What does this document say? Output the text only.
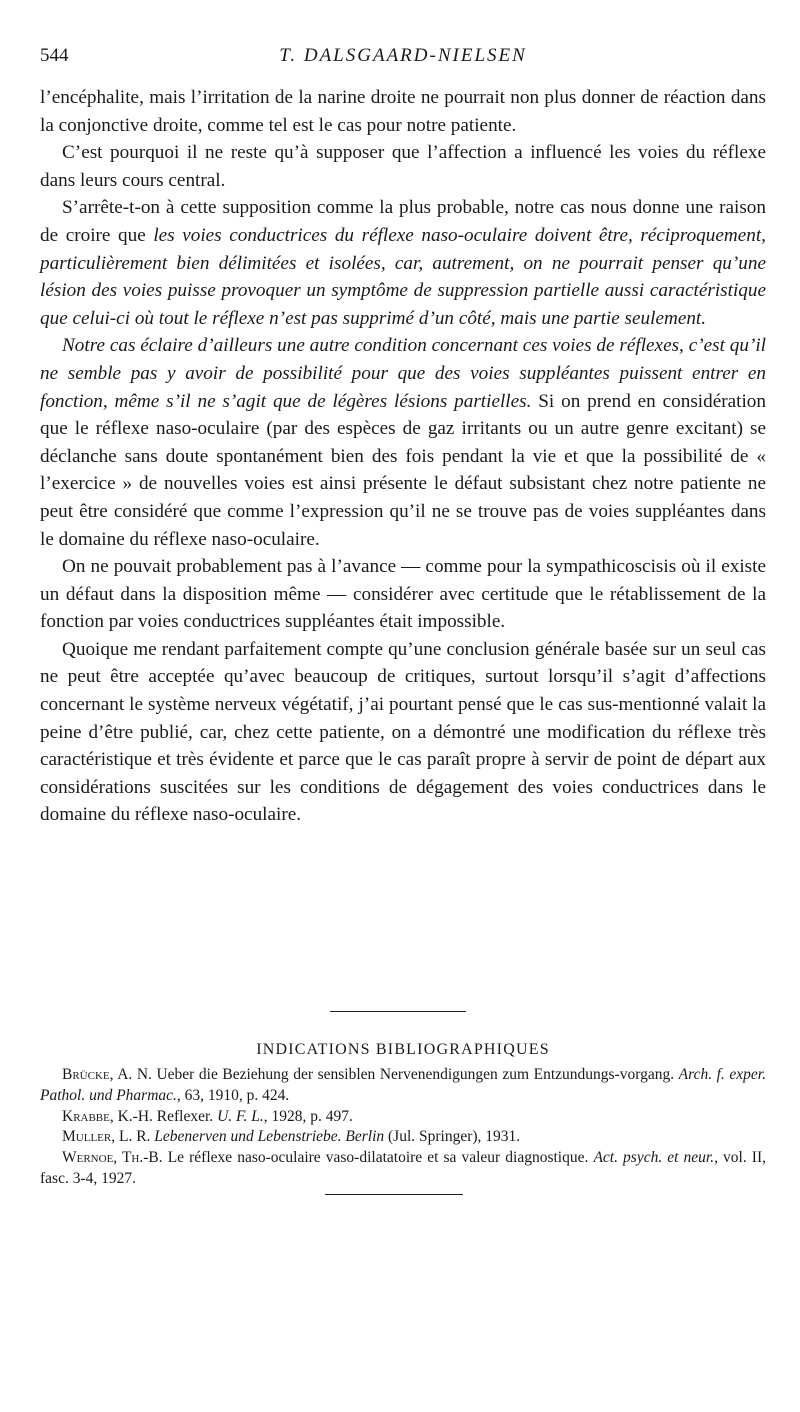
544	T. DALSGAARD-NIELSEN

l’encéphalite, mais l’irritation de la narine droite ne pourrait non plus donner de réaction dans la conjonctive droite, comme tel est le cas pour notre patiente.

C’est pourquoi il ne reste qu’à supposer que l’affection a influencé les voies du réflexe dans leurs cours central.

S’arrête-t-on à cette supposition comme la plus probable, notre cas nous donne une raison de croire que les voies conductrices du réflexe naso-oculaire doivent être, réciproquement, particulièrement bien délimitées et isolées, car, autrement, on ne pourrait penser qu’une lésion des voies puisse provoquer un symptôme de suppression partielle aussi caractéristique que celui-ci où tout le réflexe n’est pas supprimé d’un côté, mais une partie seulement.

Notre cas éclaire d’ailleurs une autre condition concernant ces voies de réflexes, c’est qu’il ne semble pas y avoir de possibilité pour que des voies suppléantes puissent entrer en fonction, même s’il ne s’agit que de légères lésions partielles. Si on prend en considération que le réflexe naso-oculaire (par des espèces de gaz irritants ou un autre genre excitant) se déclanche sans doute spontanément bien des fois pendant la vie et que la possibilité de « l’exercice » de nouvelles voies est ainsi présente le défaut subsistant chez notre patiente ne peut être considéré que comme l’expression qu’il ne se trouve pas de voies suppléantes dans le domaine du réflexe naso-oculaire.

On ne pouvait probablement pas à l’avance — comme pour la sympathicoscisis où il existe un défaut dans la disposition même — considérer avec certitude que le rétablissement de la fonction par voies conductrices suppléantes était impossible.

Quoique me rendant parfaitement compte qu’une conclusion générale basée sur un seul cas ne peut être acceptée qu’avec beaucoup de critiques, surtout lorsqu’il s’agit d’affections concernant le système nerveux végétatif, j’ai pourtant pensé que le cas sus-mentionné valait la peine d’être publié, car, chez cette patiente, on a démontré une modification du réflexe très caractéristique et très évidente et parce que le cas paraît propre à servir de point de départ aux considérations suscitées sur les conditions de dégagement des voies conductrices dans le domaine du réflexe naso-oculaire.

INDICATIONS BIBLIOGRAPHIQUES

Brücke, A. N. Ueber die Beziehung der sensiblen Nervenendigungen zum Entzundungs-vorgang. Arch. f. exper. Pathol. und Pharmac., 63, 1910, p. 424.

Krabbe, K.-H. Reflexer. U. F. L., 1928, p. 497.

Muller, L. R. Lebenerven und Lebenstriebe. Berlin (Jul. Springer), 1931.

Wernoe, Th.-B. Le réflexe naso-oculaire vaso-dilatatoire et sa valeur diagnostique. Act. psych. et neur., vol. II, fasc. 3-4, 1927.
